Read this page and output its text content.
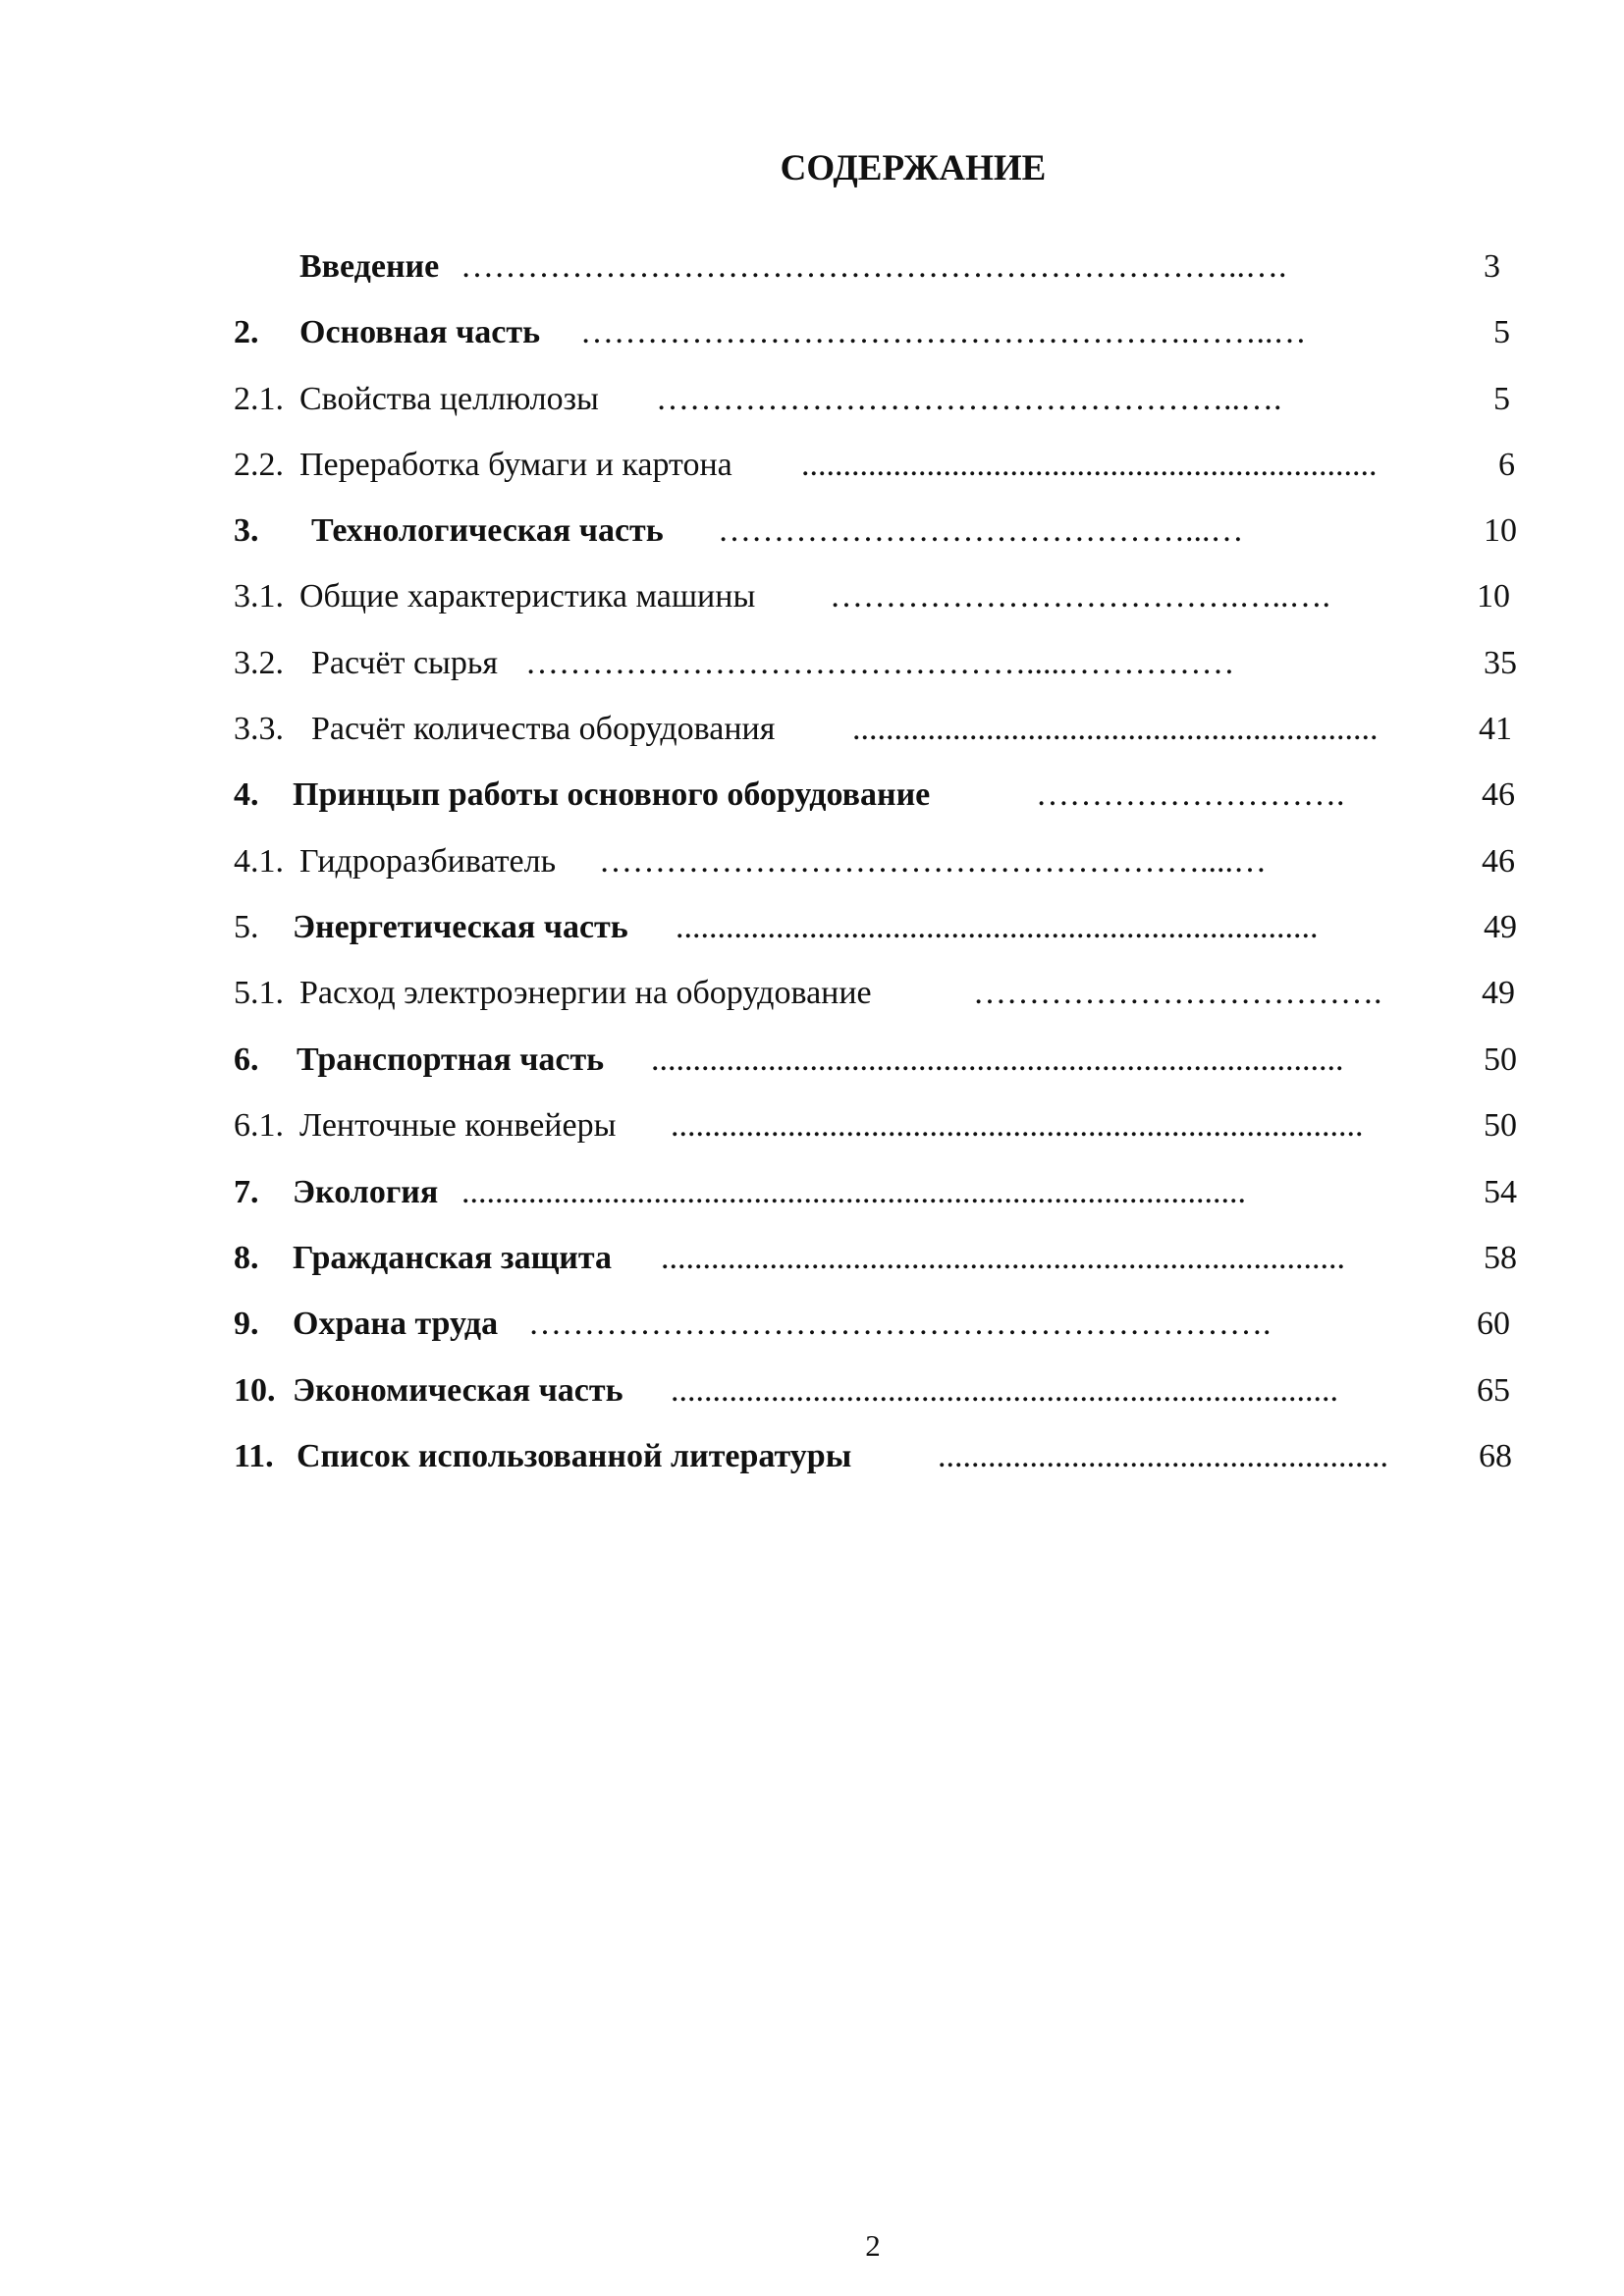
СОДЕРЖАНИЕ
Введение ……………………………………………………………..….	3
2. Основная часть ……………………………………………….……..…	5
2.1. Свойства целлюлозы ……………………………………………..….	5
2.2. Переработка бумаги и картона .....................................................................	6
3. Технологическая часть ……………………………………...…	10
3.1. Общие характеристика машины ……………………………….…..….	10
3.2. Расчёт сырья ……………………………………….....……………	35
3.3. Расчёт количества оборудования ...............................................................	41
4. Принцып работы основного оборудование	……………………….	46
4.1. Гидроразбиватель ………………………………………………....…	46
5. Энергетическая часть .............................................................................	49
5.1. Расход электроэнергии на оборудование	……………………………….	49
6. Транспортная часть ...................................................................................	50
6.1. Ленточные конвейеры ...................................................................................	50
7. Экология ..............................................................................................	54
8. Гражданская защита ..................................................................................	58
9. Охрана труда ………………………………………………………….	60
10. Экономическая часть ................................................................................	65
11. Список использованной литературы	......................................................	68
2
